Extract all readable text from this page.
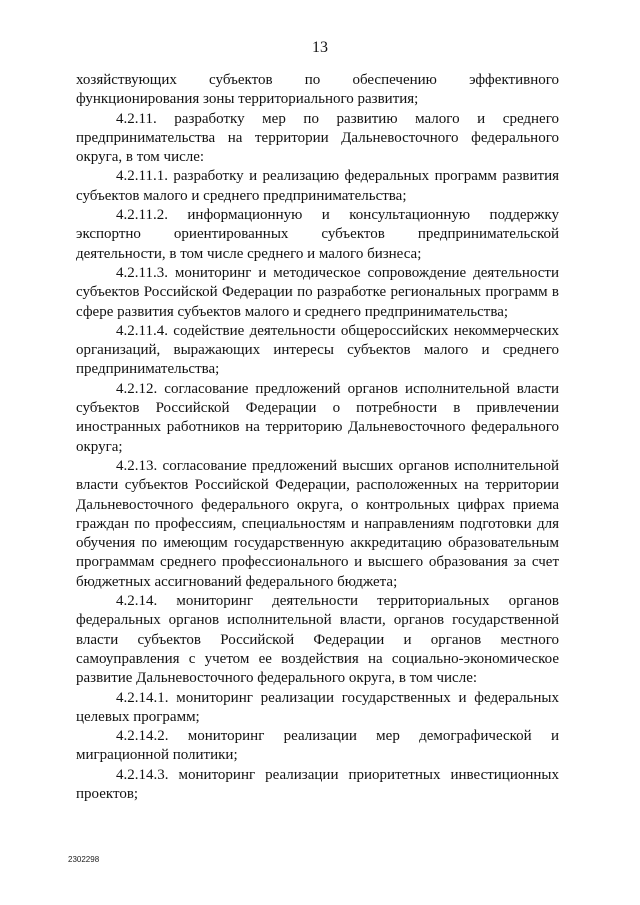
13

хозяйствующих субъектов по обеспечению эффективного функционирования зоны территориального развития;

4.2.11. разработку мер по развитию малого и среднего предпринимательства на территории Дальневосточного федерального округа, в том числе:

4.2.11.1. разработку и реализацию федеральных программ развития субъектов малого и среднего предпринимательства;

4.2.11.2. информационную и консультационную поддержку экспортно ориентированных субъектов предпринимательской деятельности, в том числе среднего и малого бизнеса;

4.2.11.3. мониторинг и методическое сопровождение деятельности субъектов Российской Федерации по разработке региональных программ в сфере развития субъектов малого и среднего предпринимательства;

4.2.11.4. содействие деятельности общероссийских некоммерческих организаций, выражающих интересы субъектов малого и среднего предпринимательства;

4.2.12. согласование предложений органов исполнительной власти субъектов Российской Федерации о потребности в привлечении иностранных работников на территорию Дальневосточного федерального округа;

4.2.13. согласование предложений высших органов исполнительной власти субъектов Российской Федерации, расположенных на территории Дальневосточного федерального округа, о контрольных цифрах приема граждан по профессиям, специальностям и направлениям подготовки для обучения по имеющим государственную аккредитацию образовательным программам среднего профессионального и высшего образования за счет бюджетных ассигнований федерального бюджета;

4.2.14. мониторинг деятельности территориальных органов федеральных органов исполнительной власти, органов государственной власти субъектов Российской Федерации и органов местного самоуправления с учетом ее воздействия на социально-экономическое развитие Дальневосточного федерального округа, в том числе:

4.2.14.1. мониторинг реализации государственных и федеральных целевых программ;

4.2.14.2. мониторинг реализации мер демографической и миграционной политики;

4.2.14.3. мониторинг реализации приоритетных инвестиционных проектов;

2302298
